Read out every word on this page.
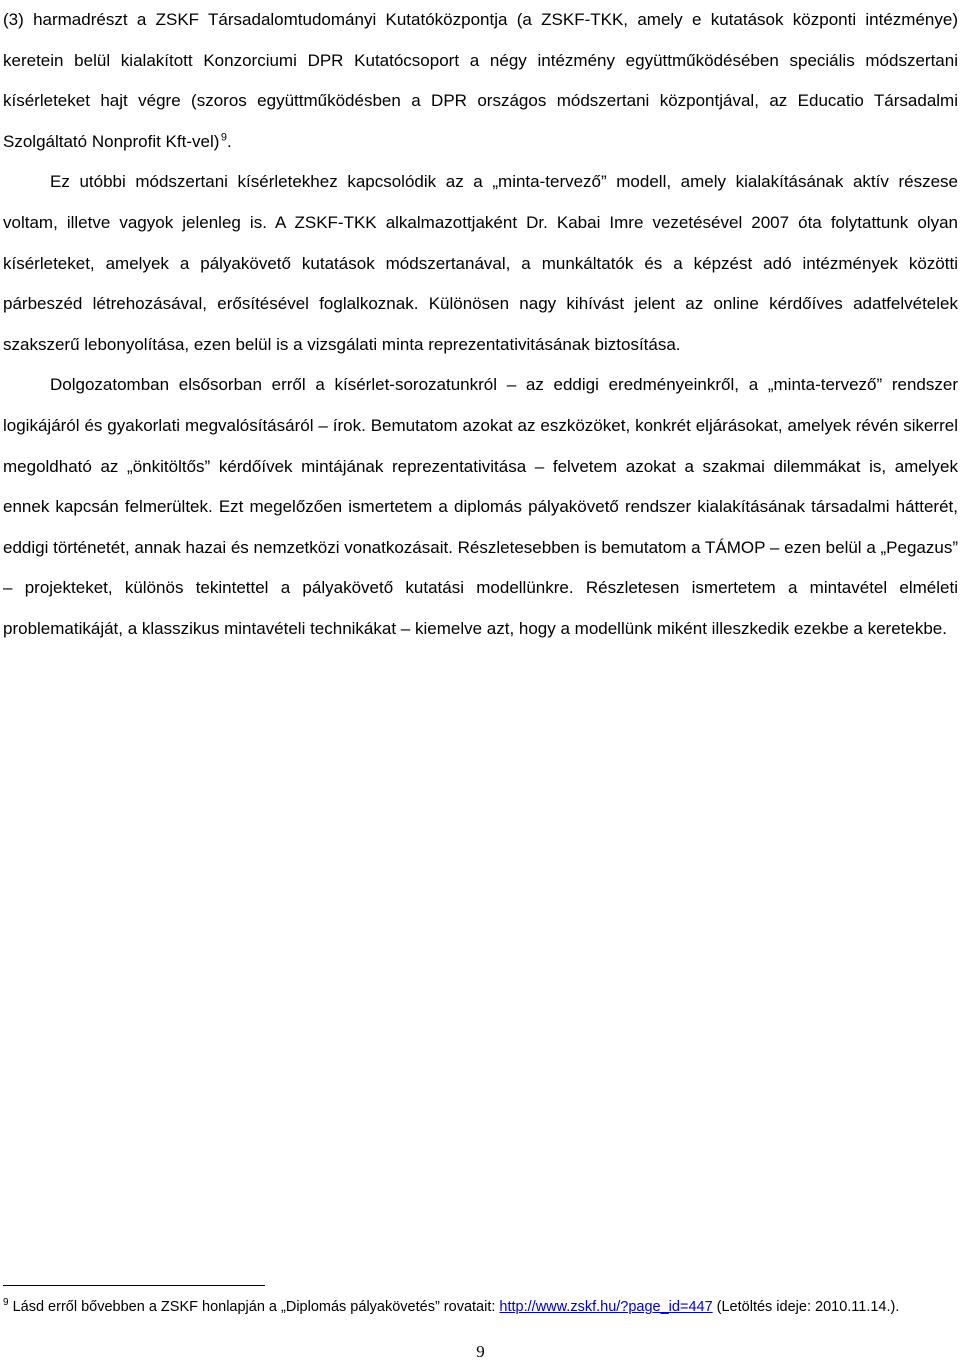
(3) harmadrészt a ZSKF Társadalomtudományi Kutatóközpontja (a ZSKF-TKK, amely e kutatások központi intézménye) keretein belül kialakított Konzorciumi DPR Kutatócsoport a négy intézmény együttműködésében speciális módszertani kísérleteket hajt végre (szoros együttműködésben a DPR országos módszertani központjával, az Educatio Társadalmi Szolgáltató Nonprofit Kft-vel) $^9$.

Ez utóbbi módszertani kísérletekhez kapcsolódik az a „minta-tervező” modell, amely kialakításának aktív részese voltam, illetve vagyok jelenleg is. A ZSKF-TKK alkalmazottjaként Dr. Kabai Imre vezetésével 2007 óta folytattunk olyan kísérleteket, amelyek a pályakövető kutatások módszertanával, a munkáltatók és a képzést adó intézmények közötti párbeszéd létrehozásával, erősítésével foglalkoznak. Különösen nagy kihívást jelent az online kérdőíves adatfelvételek szakszerű lebonyolítása, ezen belül is a vizsgálati minta reprezentativitásának biztosítása.

Dolgozatomban elsősorban erről a kísérlet-sorozatunkról – az eddigi eredményeinkről, a „minta-tervező” rendszer logikájáról és gyakorlati megvalósításáról – írok. Bemutatom azokat az eszközöket, konkrét eljárásokat, amelyek révén sikerrel megoldható az „önkitöltős” kérdőívek mintájának reprezentativitása – felvetem azokat a szakmai dilemmákat is, amelyek ennek kapcsán felmerültek. Ezt megelőzően ismertetem a diplomás pályakövető rendszer kialakításának társadalmi hátterét, eddigi történetét, annak hazai és nemzetközi vonatkozásait. Részletesebben is bemutatom a TÁMOP – ezen belül a „Pegazus” – projekteket, különös tekintettel a pályakövető kutatási modellünkre. Részletesen ismertetem a mintavétel elméleti problematikáját, a klasszikus mintavételi technikákat – kiemelve azt, hogy a modellünk miként illeszkedik ezekbe a keretekbe.

$^9$ Lásd erről bővebben a ZSKF honlapján a „Diplomás pályakövetés” rovatait: http://www.zskf.hu/?page_id=447 (Letöltés ideje: 2010.11.14.).

9
